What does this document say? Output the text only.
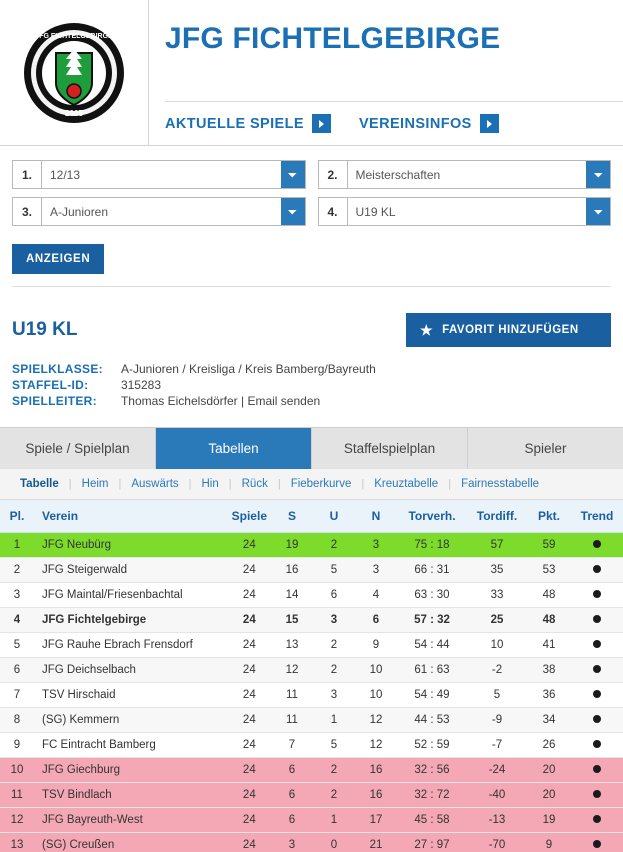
JFG FICHTELGEBIRGE
2005
JFG FICHTELGEBIRGE
AKTUELLE SPIELE	VEREINSINFOS
1.	12/13	2.	Meisterschaften
3.	A-Junioren	4.	U19 KL
ANZEIGEN
U19 KL	★ FAVORIT HINZUFÜGEN
SPIELKLASSE:	A-Junioren / Kreisliga / Kreis Bamberg/Bayreuth
STAFFEL-ID:	315283
SPIELLEITER:	Thomas Eichelsdörfer | Email senden
Spiele / Spielplan	Tabellen	Staffelspielplan	Spieler
Tabelle | Heim | Auswärts | Hin | Rück | Fieberkurve | Kreuztabelle | Fairnesstabelle
Pl.	Verein	Spiele	S	U	N	Torverh.	Tordiff.	Pkt.	Trend
1	JFG Neubürg	24	19	2	3	75 : 18	57	59	
2	JFG Steigerwald	24	16	5	3	66 : 31	35	53	
3	JFG Maintal/Friesenbachtal	24	14	6	4	63 : 30	33	48	
4	JFG Fichtelgebirge	24	15	3	6	57 : 32	25	48	
5	JFG Rauhe Ebrach Frensdorf	24	13	2	9	54 : 44	10	41	
6	JFG Deichselbach	24	12	2	10	61 : 63	-2	38	
7	TSV Hirschaid	24	11	3	10	54 : 49	5	36	
8	(SG) Kemmern	24	11	1	12	44 : 53	-9	34	
9	FC Eintracht Bamberg	24	7	5	12	52 : 59	-7	26	
10	JFG Giechburg	24	6	2	16	32 : 56	-24	20	
11	TSV Bindlach	24	6	2	16	32 : 72	-40	20	
12	JFG Bayreuth-West	24	6	1	17	45 : 58	-13	19	
13	(SG) Creußen	24	3	0	21	27 : 97	-70	9	
